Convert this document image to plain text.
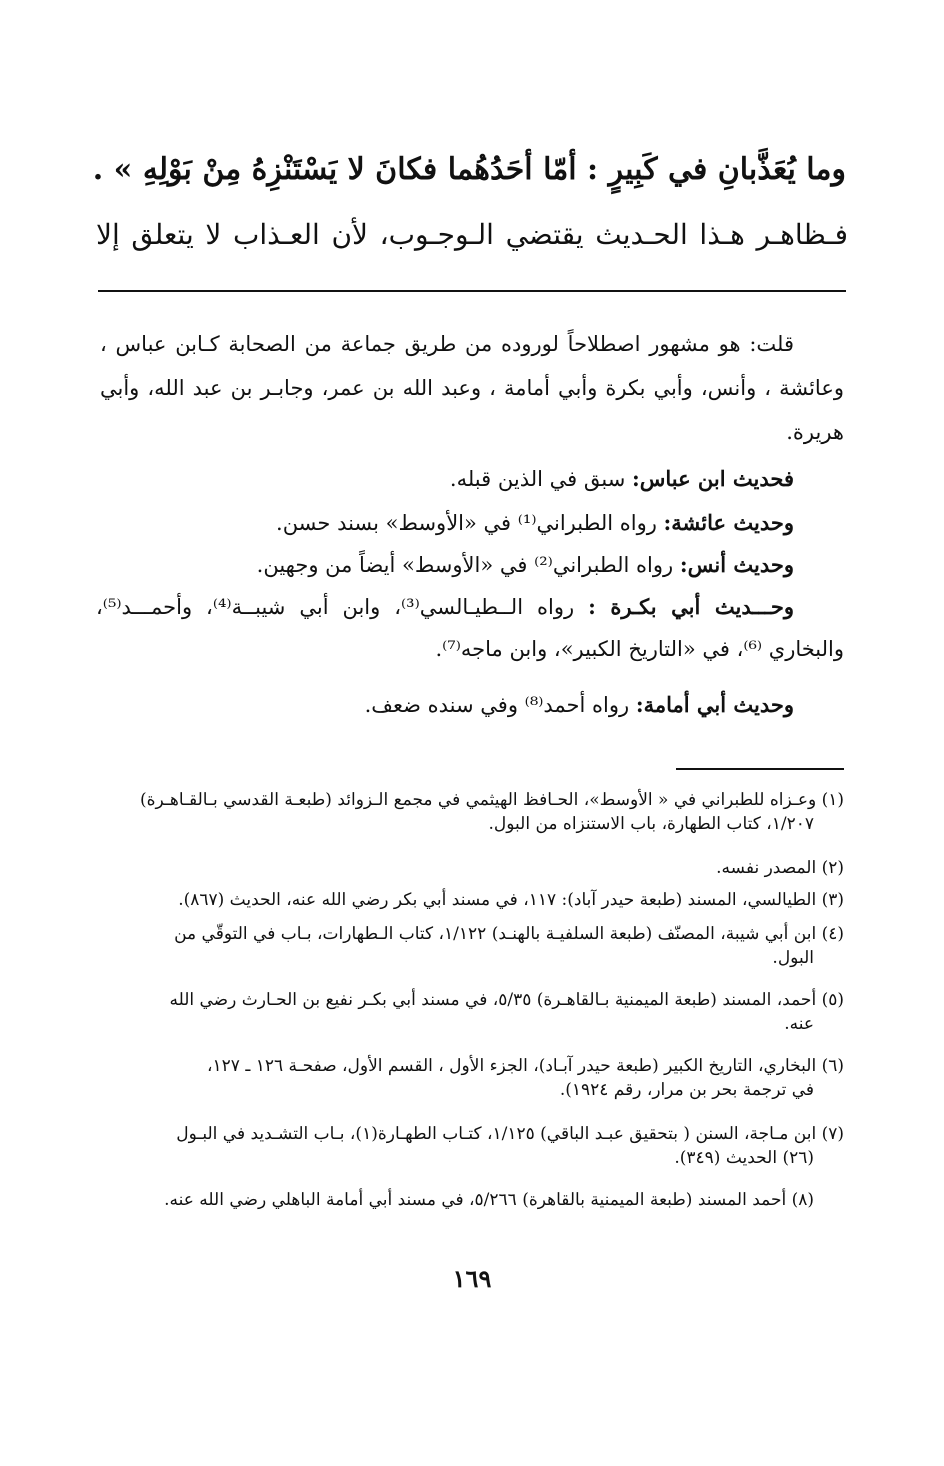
وما يُعَذَّبانِ في كَبِيرٍ : أمّا أحَدُهُما فكانَ لا يَسْتَنْزِهُ مِنْ بَوْلِهِ » .
فـظاهـر هـذا الحـديث يقتضي الـوجـوب، لأن العـذاب لا يتعلق إلا
قلت: هو مشهور اصطلاحاً لوروده من طريق جماعة من الصحابة كـابن عباس ، وعائشة ، وأنس، وأبي بكرة وأبي أمامة ، وعبد الله بن عمر، وجابـر بن عبد الله، وأبي هريرة.
فحديث ابن عباس: سبق في الذين قبله.
وحديث عائشة: رواه الطبراني⁽¹⁾ في «الأوسط» بسند حسن.
وحديث أنس: رواه الطبراني⁽²⁾ في «الأوسط» أيضاً من وجهين.
وحـــديث أبي بكـرة : رواه الــطيـالسي⁽³⁾، وابن أبي شيبــة⁽⁴⁾، وأحمـــد⁽⁵⁾،
والبخاري ⁽⁶⁾، في «التاريخ الكبير»، وابن ماجه⁽⁷⁾.
وحديث أبي أمامة: رواه أحمد⁽⁸⁾ وفي سنده ضعف.
(١) وعـزاه للطبراني في « الأوسط»، الحـافظ الهيثمي في مجمع الـزوائد (طبعـة القدسي بـالقـاهـرة)
١/٢٠٧، كتاب الطهارة، باب الاستنزاه من البول.
(٢) المصدر نفسه.
(٣) الطيالسي، المسند (طبعة حيدر آباد): ١١٧، في مسند أبي بكر رضي الله عنه، الحديث (٨٦٧).
(٤) ابن أبي شيبة، المصنّف (طبعة السلفيـة بالهنـد) ١/١٢٢، كتاب الـطهارات، بـاب في التوقّي من
البول.
(٥) أحمد، المسند (طبعة الميمنية بـالقاهـرة) ٥/٣٥، في مسند أبي بكـر نفيع بن الحـارث رضي الله
عنه.
(٦) البخاري، التاريخ الكبير (طبعة حيدر آبـاد)، الجزء الأول ، القسم الأول، صفحـة ١٢٦ ـ ١٢٧،
في ترجمة بحر بن مرار، رقم ١٩٢٤).
(٧) ابن مـاجة، السنن ( بتحقيق عبـد الباقي) ١/١٢٥، كتـاب الطهـارة(١)، بـاب التشـديد في البـول
(٢٦) الحديث (٣٤٩).
(٨) أحمد المسند (طبعة الميمنية بالقاهرة) ٥/٢٦٦، في مسند أبي أمامة الباهلي رضي الله عنه.
١٦٩
